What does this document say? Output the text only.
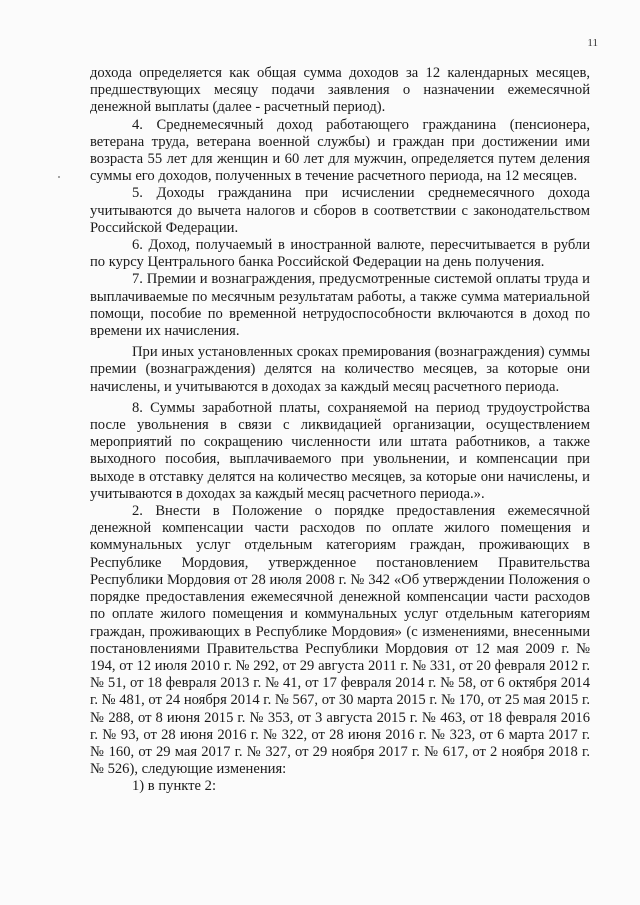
11

дохода определяется как общая сумма доходов за 12 календарных месяцев, предшествующих месяцу подачи заявления о назначении ежемесячной денежной выплаты (далее - расчетный период).

4. Среднемесячный доход работающего гражданина (пенсионера, ветерана труда, ветерана военной службы) и граждан при достижении ими возраста 55 лет для женщин и 60 лет для мужчин, определяется путем деления суммы его доходов, полученных в течение расчетного периода, на 12 месяцев.

5. Доходы гражданина при исчислении среднемесячного дохода учитываются до вычета налогов и сборов в соответствии с законодательством Российской Федерации.

6. Доход, получаемый в иностранной валюте, пересчитывается в рубли по курсу Центрального банка Российской Федерации на день получения.

7. Премии и вознаграждения, предусмотренные системой оплаты труда и выплачиваемые по месячным результатам работы, а также сумма материальной помощи, пособие по временной нетрудоспособности включаются в доход по времени их начисления.

При иных установленных сроках премирования (вознаграждения) суммы премии (вознаграждения) делятся на количество месяцев, за которые они начислены, и учитываются в доходах за каждый месяц расчетного периода.

8. Суммы заработной платы, сохраняемой на период трудоустройства после увольнения в связи с ликвидацией организации, осуществлением мероприятий по сокращению численности или штата работников, а также выходного пособия, выплачиваемого при увольнении, и компенсации при выходе в отставку делятся на количество месяцев, за которые они начислены, и учитываются в доходах за каждый месяц расчетного периода.».

2. Внести в Положение о порядке предоставления ежемесячной денежной компенсации части расходов по оплате жилого помещения и коммунальных услуг отдельным категориям граждан, проживающих в Республике Мордовия, утвержденное постановлением Правительства Республики Мордовия от 28 июля 2008 г. № 342 «Об утверждении Положения о порядке предоставления ежемесячной денежной компенсации части расходов по оплате жилого помещения и коммунальных услуг отдельным категориям граждан, проживающих в Республике Мордовия» (с изменениями, внесенными постановлениями Правительства Республики Мордовия от 12 мая 2009 г. № 194, от 12 июля 2010 г. № 292, от 29 августа 2011 г. № 331, от 20 февраля 2012 г. № 51, от 18 февраля 2013 г. № 41, от 17 февраля 2014 г. № 58, от 6 октября 2014 г. № 481, от 24 ноября 2014 г. № 567, от 30 марта 2015 г. № 170, от 25 мая 2015 г. № 288, от 8 июня 2015 г. № 353, от 3 августа 2015 г. № 463, от 18 февраля 2016 г. № 93, от 28 июня 2016 г. № 322, от 28 июня 2016 г. № 323, от 6 марта 2017 г. № 160, от 29 мая 2017 г. № 327, от 29 ноября 2017 г. № 617, от 2 ноября 2018 г. № 526), следующие изменения:

1) в пункте 2:
